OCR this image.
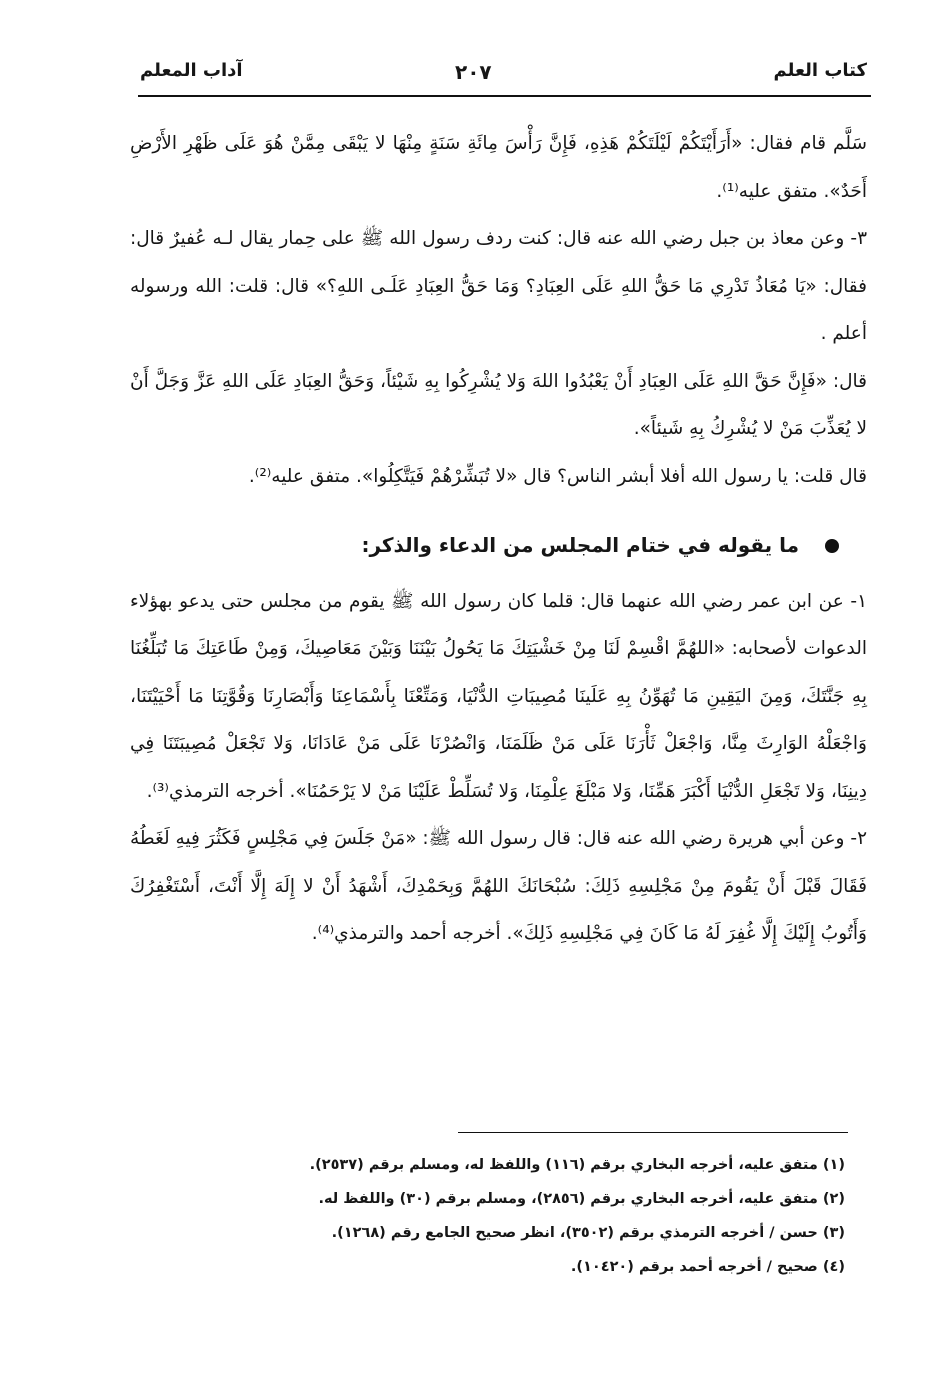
كتاب العلم
٢٠٧
آداب المعلم

سَلَّم قام فقال: «أَرَأَيْتَكُمْ لَيْلَتَكُمْ هَذِهِ، فَإِنَّ رَأْسَ مِائَةِ سَنَةٍ مِنْهَا لا يَبْقَى مِمَّنْ هُوَ عَلَى ظَهْرِ الأَرْضِ أَحَدٌ». متفق عليه⁽¹⁾.

٣- وعن معاذ بن جبل رضي الله عنه قال: كنت ردف رسول الله ﷺ على حِمار يقال لـه عُفيرٌ قال: فقال: «يَا مُعَاذُ تَدْرِي مَا حَقُّ اللهِ عَلَى العِبَادِ؟ وَمَا حَقُّ العِبَادِ عَلَـى اللهِ؟» قال: قلت: الله ورسوله أعلم .

قال: «فَإِنَّ حَقَّ اللهِ عَلَى العِبَادِ أَنْ يَعْبُدُوا اللهَ وَلا يُشْرِكُوا بِهِ شَيْئاً، وَحَقُّ العِبَادِ عَلَى اللهِ عَزَّ وَجَلَّ أَنْ لا يُعَذِّبَ مَنْ لا يُشْرِكُ بِهِ شَيئاً».

قال قلت: يا رسول الله أفلا أبشر الناس؟ قال «لا تُبَشِّرْهُمْ فَيَتَّكِلُوا». متفق عليه⁽²⁾.

ما يقوله في ختام المجلس من الدعاء والذكر:

١- عن ابن عمر رضي الله عنهما قال: قلما كان رسول الله ﷺ يقوم من مجلس حتى يدعو بهؤلاء الدعوات لأصحابه: «اللهُمَّ اقْسِمْ لَنَا مِنْ خَشْيَتِكَ مَا يَحُولُ بَيْنَنَا وَبَيْنَ مَعَاصِيكَ، وَمِنْ طَاعَتِكَ مَا تُبَلِّغُنَا بِهِ جَنَّتَكَ، وَمِنَ اليَقِينِ مَا تُهَوِّنُ بِهِ عَلَينَا مُصِيبَاتِ الدُّنْيَا، وَمَتِّعْنَا بِأَسْمَاعِنَا وَأَبْصَارِنَا وَقُوَّتِنَا مَا أَحْيَيْتَنَا، وَاجْعَلْهُ الوَارِثَ مِنَّا، وَاجْعَلْ ثَأْرَنَا عَلَى مَنْ ظَلَمَنَا، وَانْصُرْنَا عَلَى مَنْ عَادَانَا، وَلا تَجْعَلْ مُصِيبَتَنَا فِي دِينِنَا، وَلا تَجْعَلِ الدُّنْيَا أَكْبَرَ هَمِّنَا، وَلا مَبْلَغَ عِلْمِنَا، وَلا تُسَلِّطْ عَلَيْنَا مَنْ لا يَرْحَمُنَا». أخرجه الترمذي⁽³⁾.

٢- وعن أبي هريرة رضي الله عنه قال: قال رسول الله ﷺ: «مَنْ جَلَسَ فِي مَجْلِسٍ فَكَثُرَ فِيهِ لَغَطُهُ فَقَالَ قَبْلَ أَنْ يَقُومَ مِنْ مَجْلِسِهِ ذَلِكَ: سُبْحَانَكَ اللهُمَّ وَبِحَمْدِكَ، أَشْهَدُ أَنْ لا إِلَهَ إِلَّا أَنْتَ، أَسْتَغْفِرُكَ وَأَتُوبُ إِلَيْكَ إِلَّا غُفِرَ لَهُ مَا كَانَ فِي مَجْلِسِهِ ذَلِكَ». أخرجه أحمد والترمذي⁽⁴⁾.

(١) متفق عليه، أخرجه البخاري برقم (١١٦) واللفظ له، ومسلم برقم (٢٥٣٧).
(٢) متفق عليه، أخرجه البخاري برقم (٢٨٥٦)، ومسلم برقم (٣٠) واللفظ له.
(٣) حسن / أخرجه الترمذي برقم (٣٥٠٢)، انظر صحيح الجامع رقم (١٢٦٨).
(٤) صحيح / أخرجه أحمد برقم (١٠٤٢٠).
